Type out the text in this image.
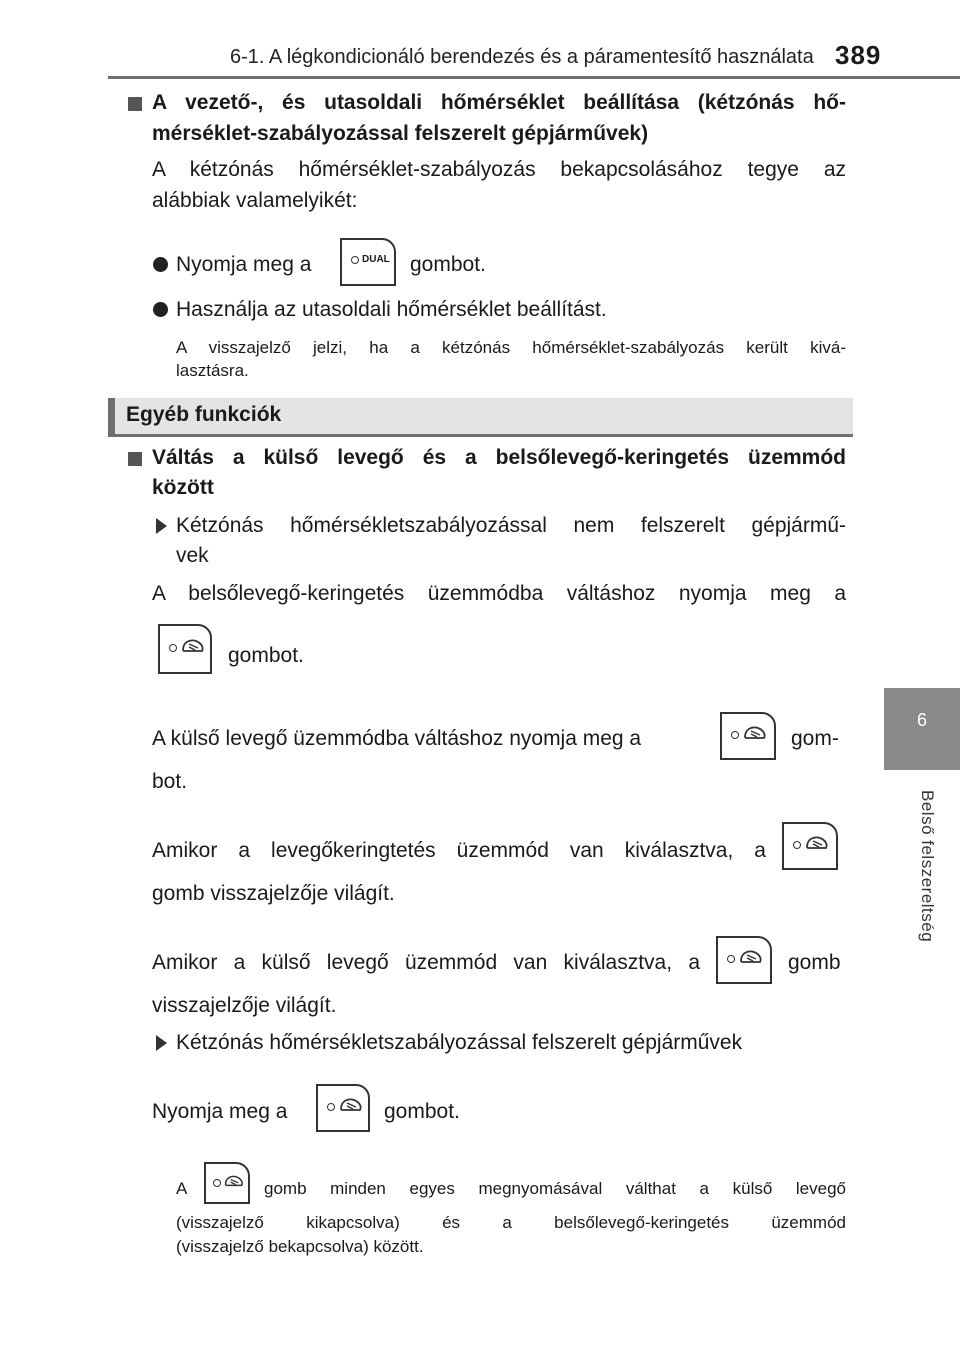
6-1. A légkondicionáló berendezés és a páramentesítő használata 389
6
Belső felszereltség
A vezető-, és utasoldali hőmérséklet beállítása (kétzónás hő-
mérséklet-szabályozással felszerelt gépjárművek)
A kétzónás hőmérséklet-szabályozás bekapcsolásához tegye az
alábbiak valamelyikét:
Nyomja meg a	DUAL gombot.
Használja az utasoldali hőmérséklet beállítást.
A visszajelző jelzi, ha a kétzónás hőmérséklet-szabályozás került kivá-
lasztásra.
Egyéb funkciók
Váltás a külső levegő és a belsőlevegő-keringetés üzemmód
között
Kétzónás hőmérsékletszabályozással nem felszerelt gépjármű-
vek
A belsőlevegő-keringetés üzemmódba váltáshoz nyomja meg a
gombot.
A külső levegő üzemmódba váltáshoz nyomja meg a	gom-
bot.
Amikor a levegőkeringtetés üzemmód van kiválasztva, a
gomb visszajelzője világít.
Amikor a külső levegő üzemmód van kiválasztva, a	gomb
visszajelzője világít.
Kétzónás hőmérsékletszabályozással felszerelt gépjárművek
Nyomja meg a	gombot.
A	gomb minden egyes megnyomásával válthat a külső levegő
(visszajelző kikapcsolva) és a belsőlevegő-keringetés üzemmód
(visszajelző bekapcsolva) között.
